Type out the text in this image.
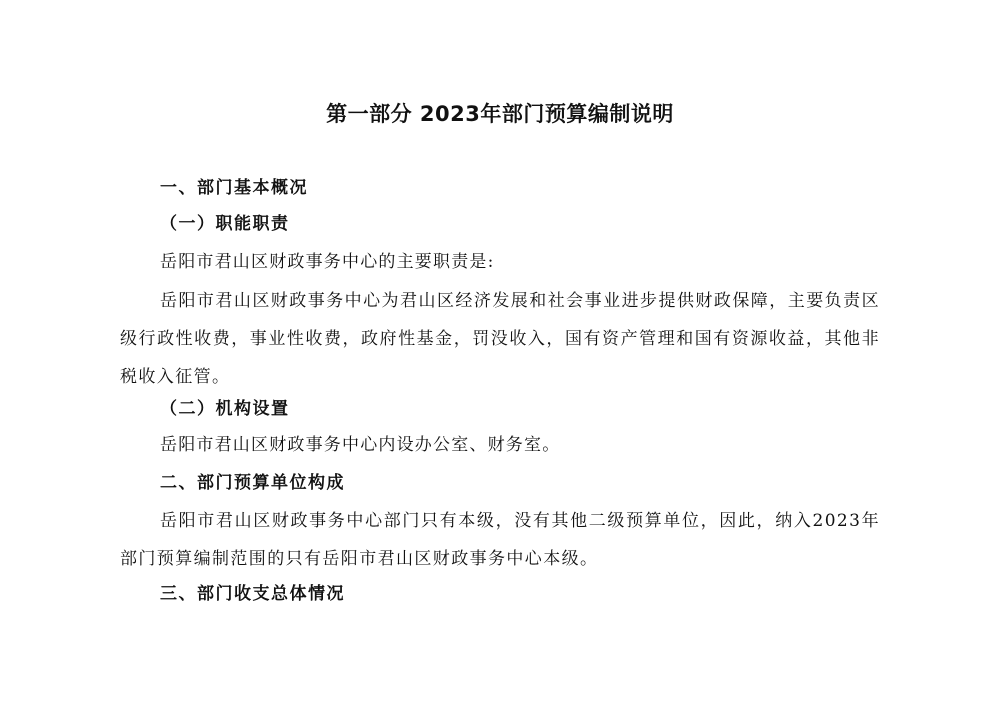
第一部分 2023年部门预算编制说明
一、部门基本概况
（一）职能职责
岳阳市君山区财政事务中心的主要职责是:
岳阳市君山区财政事务中心为君山区经济发展和社会事业进步提供财政保障，主要负责区级行政性收费，事业性收费，政府性基金，罚没收入，国有资产管理和国有资源收益，其他非税收入征管。
（二）机构设置
岳阳市君山区财政事务中心内设办公室、财务室。
二、部门预算单位构成
岳阳市君山区财政事务中心部门只有本级，没有其他二级预算单位，因此，纳入2023年部门预算编制范围的只有岳阳市君山区财政事务中心本级。
三、部门收支总体情况
